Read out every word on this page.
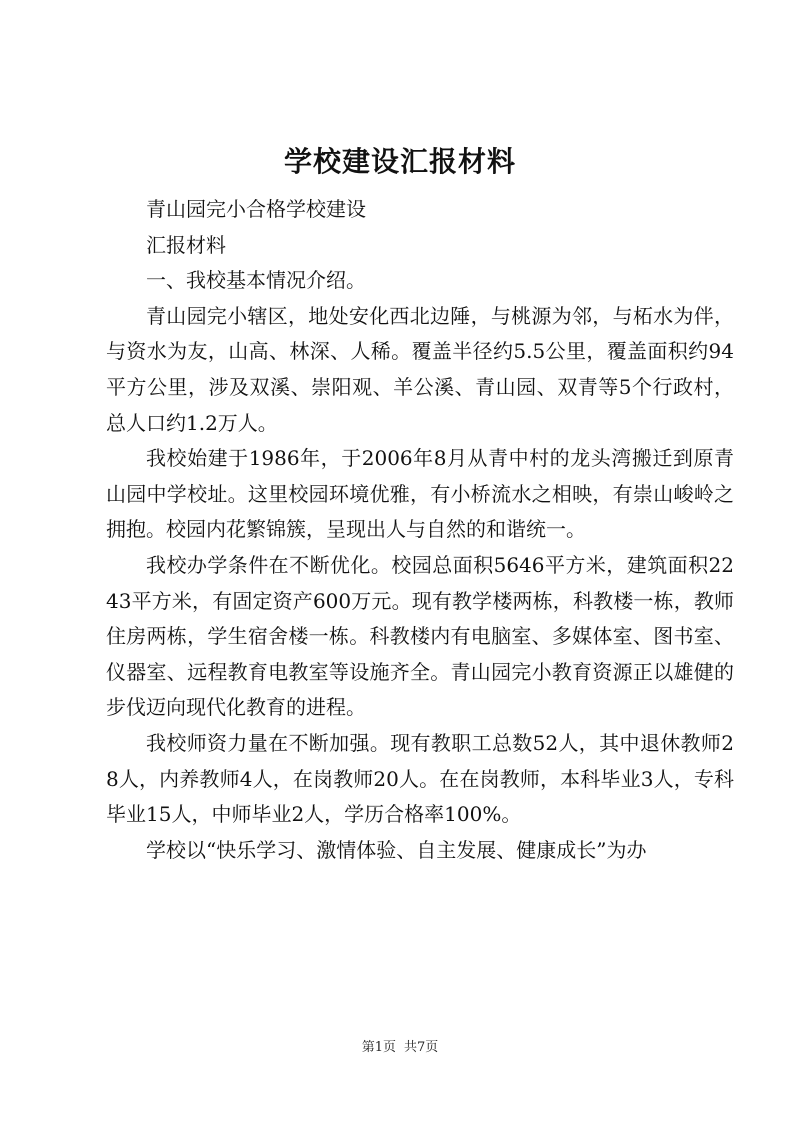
学校建设汇报材料

青山园完小合格学校建设

汇报材料

一、我校基本情况介绍。

青山园完小辖区，地处安化西北边陲，与桃源为邻，与柘水为伴，与资水为友，山高、林深、人稀。覆盖半径约5.5公里，覆盖面积约94平方公里，涉及双溪、崇阳观、羊公溪、青山园、双青等5个行政村，总人口约1.2万人。

我校始建于1986年，于2006年8月从青中村的龙头湾搬迁到原青山园中学校址。这里校园环境优雅，有小桥流水之相映，有崇山峻岭之拥抱。校园内花繁锦簇，呈现出人与自然的和谐统一。

我校办学条件在不断优化。校园总面积5646平方米，建筑面积2243平方米，有固定资产600万元。现有教学楼两栋，科教楼一栋，教师住房两栋，学生宿舍楼一栋。科教楼内有电脑室、多媒体室、图书室、仪器室、远程教育电教室等设施齐全。青山园完小教育资源正以雄健的步伐迈向现代化教育的进程。

我校师资力量在不断加强。现有教职工总数52人，其中退休教师28人，内养教师4人，在岗教师20人。在在岗教师，本科毕业3人，专科毕业15人，中师毕业2人，学历合格率100%。

学校以“快乐学习、激情体验、自主发展、健康成长”为办

第1页 共7页
